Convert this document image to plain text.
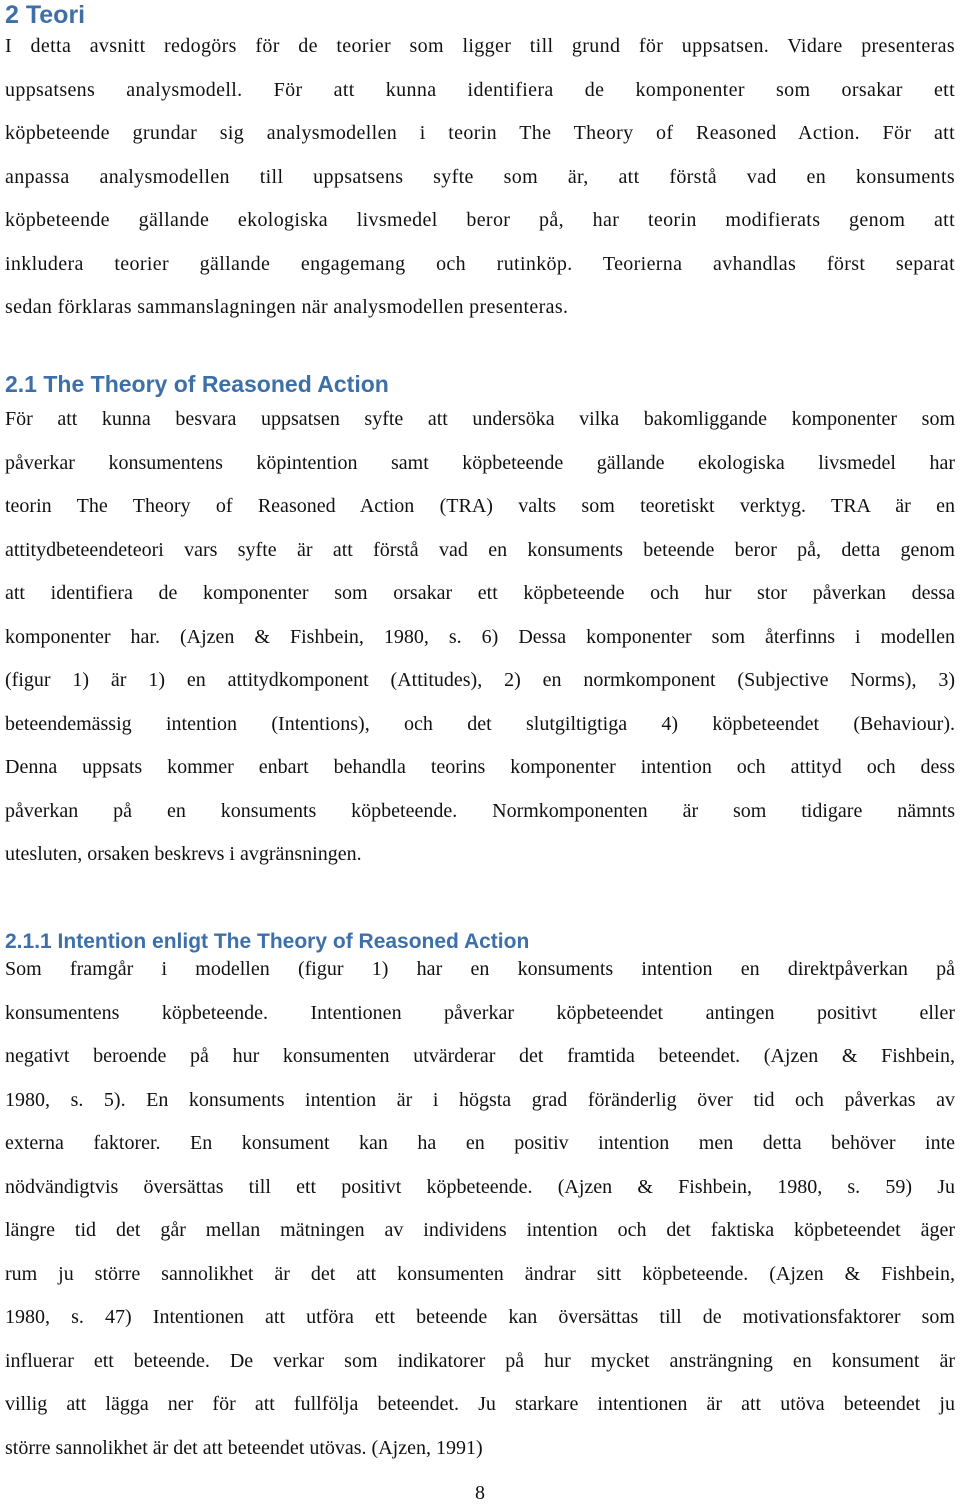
2 Teori

I detta avsnitt redogörs för de teorier som ligger till grund för uppsatsen. Vidare presenteras
uppsatsens analysmodell. För att kunna identifiera de komponenter som orsakar ett
köpbeteende grundar sig analysmodellen i teorin The Theory of Reasoned Action. För att
anpassa analysmodellen till uppsatsens syfte som är, att förstå vad en konsuments
köpbeteende gällande ekologiska livsmedel beror på, har teorin modifierats genom att
inkludera teorier gällande engagemang och rutinköp. Teorierna avhandlas först separat
sedan förklaras sammanslagningen när analysmodellen presenteras.

2.1 The Theory of Reasoned Action

För att kunna besvara uppsatsen syfte att undersöka vilka bakomliggande komponenter som
påverkar konsumentens köpintention samt köpbeteende gällande ekologiska livsmedel har
teorin The Theory of Reasoned Action (TRA) valts som teoretiskt verktyg. TRA är en
attitydbeteendeteori vars syfte är att förstå vad en konsuments beteende beror på, detta genom
att identifiera de komponenter som orsakar ett köpbeteende och hur stor påverkan dessa
komponenter har. (Ajzen & Fishbein, 1980, s. 6) Dessa komponenter som återfinns i modellen
(figur 1) är 1) en attitydkomponent (Attitudes), 2) en normkomponent (Subjective Norms), 3)
beteendemässig intention (Intentions), och det slutgiltigtiga 4) köpbeteendet (Behaviour).
Denna uppsats kommer enbart behandla teorins komponenter intention och attityd och dess
påverkan på en konsuments köpbeteende. Normkomponenten är som tidigare nämnts
utesluten, orsaken beskrevs i avgränsningen.

2.1.1 Intention enligt The Theory of Reasoned Action

Som framgår i modellen (figur 1) har en konsuments intention en direktpåverkan på
konsumentens köpbeteende. Intentionen påverkar köpbeteendet antingen positivt eller
negativt beroende på hur konsumenten utvärderar det framtida beteendet. (Ajzen & Fishbein,
1980, s. 5). En konsuments intention är i högsta grad föränderlig över tid och påverkas av
externa faktorer. En konsument kan ha en positiv intention men detta behöver inte
nödvändigtvis översättas till ett positivt köpbeteende. (Ajzen & Fishbein, 1980, s. 59) Ju
längre tid det går mellan mätningen av individens intention och det faktiska köpbeteendet äger
rum ju större sannolikhet är det att konsumenten ändrar sitt köpbeteende. (Ajzen & Fishbein,
1980, s. 47) Intentionen att utföra ett beteende kan översättas till de motivationsfaktorer som
influerar ett beteende. De verkar som indikatorer på hur mycket ansträngning en konsument är
villig att lägga ner för att fullfölja beteendet. Ju starkare intentionen är att utöva beteendet ju
större sannolikhet är det att beteendet utövas. (Ajzen, 1991)

8
